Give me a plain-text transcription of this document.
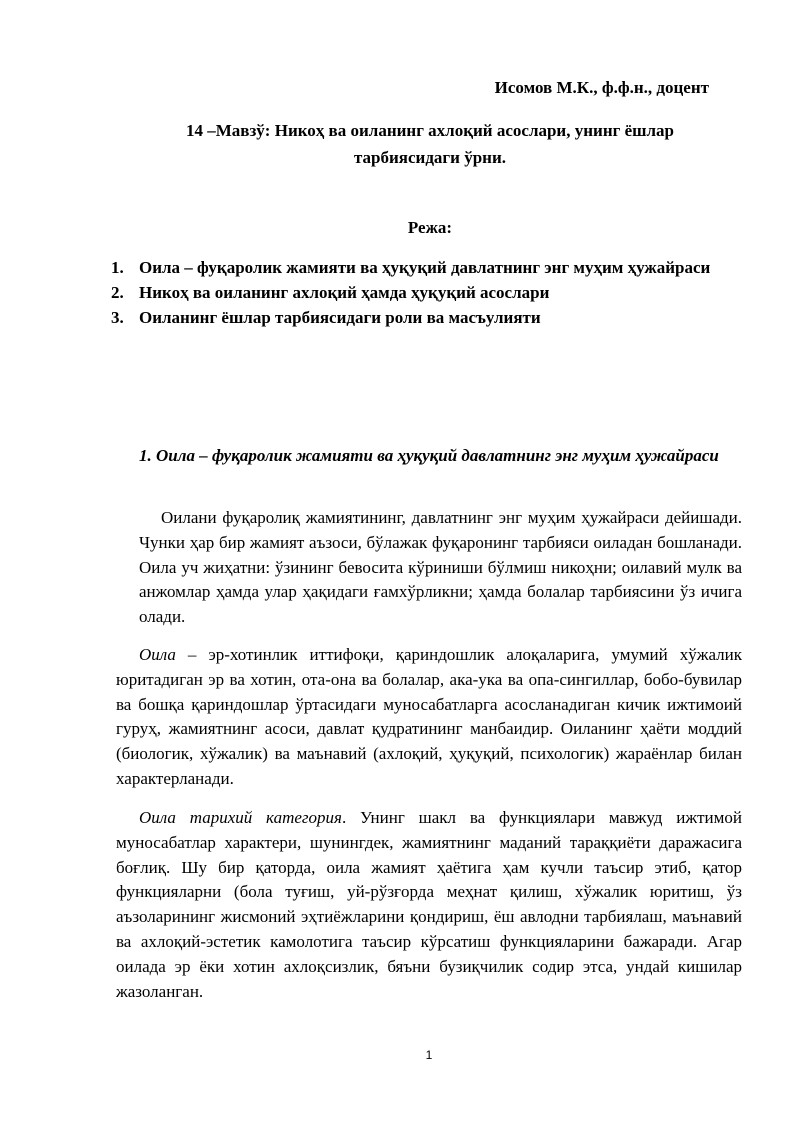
Исомов М.К., ф.ф.н., доцент
14 –Мавзў: Никоҳ ва оиланинг ахлоқий асослари, унинг ёшлар тарбиясидаги ўрни.
Режа:
1. Оила – фуқаролик жамияти ва ҳуқуқий давлатнинг энг муҳим ҳужайраси
2. Никоҳ ва оиланинг ахлоқий ҳамда ҳуқуқий асослари
3. Оиланинг ёшлар тарбиясидаги роли ва масъулияти
1. Оила – фуқаролик жамияти ва ҳуқуқий давлатнинг энг муҳим ҳужайраси

Оилани фуқаролиқ жамиятининг, давлатнинг энг муҳим ҳужайраси дейишади. Чунки ҳар бир жамият аъзоси, бўлажак фуқаронинг тарбияси оиладан бошланади. Оила уч жиҳатни: ўзининг бевосита кўриниши бўлмиш никоҳни; оилавий мулк ва анжомлар ҳамда улар ҳақидаги ғамхўрликни; ҳамда болалар тарбиясини ўз ичига олади.

Оила – эр-хотинлик иттифоқи, қариндошлик алоқаларига, умумий хўжалик юритадиган эр ва хотин, ота-она ва болалар, ака-ука ва опа-сингиллар, бобо-бувилар ва бошқа қариндошлар ўртасидаги муносабатларга асосланадиган кичик ижтимоий гуруҳ, жамиятнинг асоси, давлат қудратининг манбаидир. Оиланинг ҳаёти моддий (биологик, хўжалик) ва маънавий (ахлоқий, ҳуқуқий, психологик) жараёнлар билан характерланади.

Оила тарихий категория. Унинг шакл ва функциялари мавжуд ижтимой муносабатлар характери, шунингдек, жамиятнинг маданий тараққиёти даражасига боғлиқ. Шу бир қаторда, оила жамият ҳаётига ҳам кучли таъсир этиб, қатор функцияларни (бола туғиш, уй-рўзғорда меҳнат қилиш, хўжалик юритиш, ўз аъзоларининг жисмоний эҳтиёжларини қондириш, ёш авлодни тарбиялаш, маънавий ва ахлоқий-эстетик камолотига таъсир кўрсатиш функцияларини бажаради. Агар оилада эр ёки хотин ахлоқсизлик, бяъни бузиқчилик содир этса, ундай кишилар жазоланган.

1
